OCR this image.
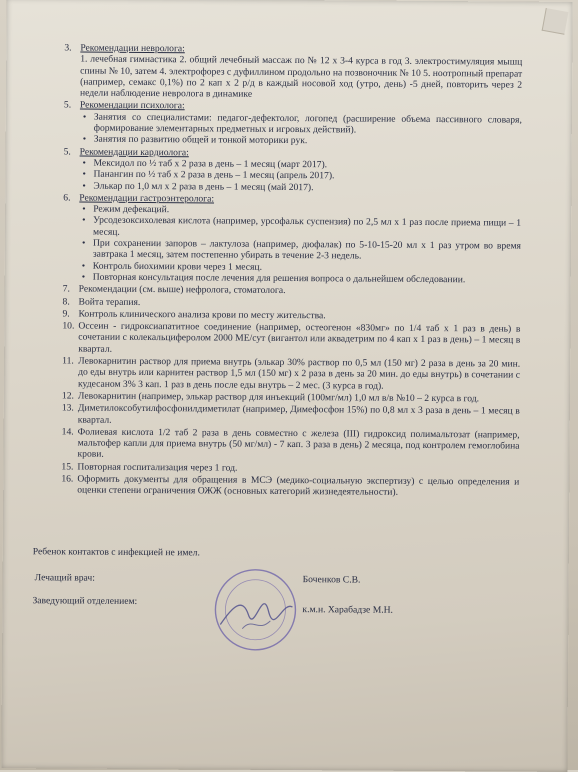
3. Рекомендации невролога:
1. лечебная гимнастика 2. общий лечебный массаж по № 12 х 3-4 курса в год 3. электростимуляция мышц спины № 10, затем 4. электрофорез с дуфиллином продольно на позвоночник № 10 5. ноотропный препарат (например, семакс 0,1%) по 2 кап х 2 р/д в каждый носовой ход (утро, день) -5 дней, повторить через 2 недели наблюдение невролога в динамике
5. Рекомендации психолога:
• Занятия со специалистами: педагог-дефектолог, логопед (расширение объема пассивного словаря, формирование элементарных предметных и игровых действий).
• Занятия по развитию общей и тонкой моторики рук.
5. Рекомендации кардиолога:
• Мексидол по ½ таб х 2 раза в день – 1 месяц (март 2017).
• Панангин по ½ таб х 2 раза в день – 1 месяц (апрель 2017).
• Элькар по 1,0 мл х 2 раза в день – 1 месяц (май 2017).
6. Рекомендации гастроэнтеролога:
• Режим дефекаций.
• Урсодезоксихолевая кислота (например, урсофальк суспензия) по 2,5 мл х 1 раз после приема пищи – 1 месяц.
• При сохранении запоров – лактулоза (например, дюфалак) по 5-10-15-20 мл х 1 раз утром во время завтрака 1 месяц, затем постепенно убирать в течение 2-3 недель.
• Контроль биохимии крови через 1 месяц.
• Повторная консультация после лечения для решения вопроса о дальнейшем обследовании.
7. Рекомендации (см. выше) нефролога, стоматолога.
8. Войта терапия.
9. Контроль клинического анализа крови по месту жительства.
10. Оссеин - гидроксиапатитное соединение (например, остеогенон «830мг» по 1/4 таб х 1 раз в день) в сочетании с колекальциферолом 2000 МЕ/сут (вигантол или аквадетрим по 4 кап х 1 раз в день) – 1 месяц в квартал.
11. Левокарнитин раствор для приема внутрь (элькар 30% раствор по 0,5 мл (150 мг) 2 раза в день за 20 мин. до еды внутрь или карнитен раствор 1,5 мл (150 мг) х 2 раза в день за 20 мин. до еды внутрь) в сочетании с кудесаном 3% 3 кап. 1 раз в день после еды внутрь – 2 мес. (3 курса в год).
12. Левокарнитин (например, элькар раствор для инъекций (100мг/мл) 1,0 мл в/в №10 – 2 курса в год.
13. Диметилоксобутилфосфонилдиметилат (например, Димефосфон 15%) по 0,8 мл х 3 раза в день – 1 месяц в квартал.
14. Фолиевая кислота 1/2 таб 2 раза в день совместно с железа (III) гидроксид полимальтозат (например, мальтофер капли для приема внутрь (50 мг/мл) - 7 кап. 3 раза в день) 2 месяца, под контролем гемоглобина крови.
15. Повторная госпитализация через 1 год.
16. Оформить документы для обращения в МСЭ (медико-социальную экспертизу) с целью определения и оценки степени ограничения ОЖЖ (основных категорий жизнедеятельности).
Ребенок контактов с инфекцией не имел.
Лечащий врач:	Боченков С.В.
Заведующий отделением:
к.м.н. Харабадзе М.Н.
